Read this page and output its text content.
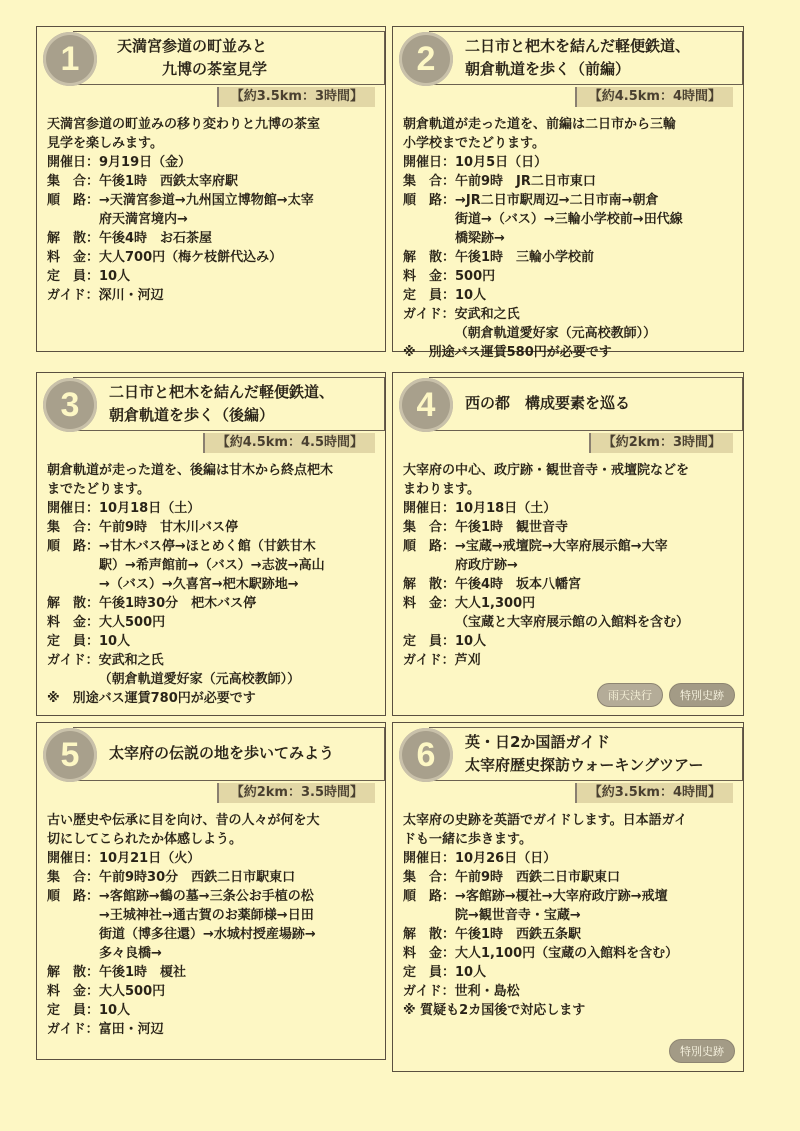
1	天満宮参道の町並みと
　　　九博の茶室見学
【約3.5km：3時間】
天満宮参道の町並みの移り変わりと九博の茶室
見学を楽しみます。
開催日： 9月19日（金）
集　合： 午後1時　西鉄太宰府駅
順　路： →天満宮参道→九州国立博物館→太宰
府天満宮境内→
解　散： 午後4時　お石茶屋
料　金： 大人700円（梅ケ枝餅代込み）
定　員： 10人
ガイド： 深川・河辺
2	二日市と杷木を結んだ軽便鉄道、
朝倉軌道を歩く（前編）
【約4.5km：4時間】
朝倉軌道が走った道を、前編は二日市から三輪
小学校までたどります。
開催日： 10月5日（日）
集　合： 午前9時　JR二日市東口
順　路： →JR二日市駅周辺→二日市南→朝倉
街道→（バス）→三輪小学校前→田代線
橋梁跡→
解　散： 午後1時　三輪小学校前
料　金： 500円
定　員： 10人
ガイド： 安武和之氏
（朝倉軌道愛好家（元高校教師））
※　別途バス運賃580円が必要です
3	二日市と杷木を結んだ軽便鉄道、
朝倉軌道を歩く（後編）
【約4.5km：4.5時間】
朝倉軌道が走った道を、後編は甘木から終点杷木
までたどります。
開催日： 10月18日（土）
集　合： 午前9時　甘木川バス停
順　路： →甘木バス停→ほとめく館（甘鉄甘木
駅）→希声館前→（バス）→志波→高山
→（バス）→久喜宮→杷木駅跡地→
解　散： 午後1時30分　杷木バス停
料　金： 大人500円
定　員： 10人
ガイド： 安武和之氏
（朝倉軌道愛好家（元高校教師））
※　別途バス運賃780円が必要です
4	西の都　構成要素を巡る
【約2km：3時間】
大宰府の中心、政庁跡・観世音寺・戒壇院などを
まわります。
開催日： 10月18日（土）
集　合： 午後1時　観世音寺
順　路： →宝蔵→戒壇院→大宰府展示館→大宰
府政庁跡→
解　散： 午後4時　坂本八幡宮
料　金： 大人1,300円
（宝蔵と大宰府展示館の入館料を含む）
定　員： 10人
ガイド： 芦刈
雨天決行	特別史跡
5	太宰府の伝説の地を歩いてみよう
【約2km：3.5時間】
古い歴史や伝承に目を向け、昔の人々が何を大
切にしてこられたか体感しよう。
開催日： 10月21日（火）
集　合： 午前9時30分　西鉄二日市駅東口
順　路： →客館跡→鶴の墓→三条公お手植の松
→王城神社→通古賀のお薬師様→日田
街道（博多往還）→水城村授産場跡→
多々良橋→
解　散： 午後1時　榎社
料　金： 大人500円
定　員： 10人
ガイド： 富田・河辺
6	英・日2か国語ガイド
太宰府歴史探訪ウォーキングツアー
【約3.5km：4時間】
太宰府の史跡を英語でガイドします。日本語ガイ
ドも一緒に歩きます。
開催日： 10月26日（日）
集　合： 午前9時　西鉄二日市駅東口
順　路： →客館跡→榎社→大宰府政庁跡→戒壇
院→観世音寺・宝蔵→
解　散： 午後1時　西鉄五条駅
料　金： 大人1,100円（宝蔵の入館料を含む）
定　員： 10人
ガイド： 世利・島松
※ 質疑も2カ国後で対応します
特別史跡
